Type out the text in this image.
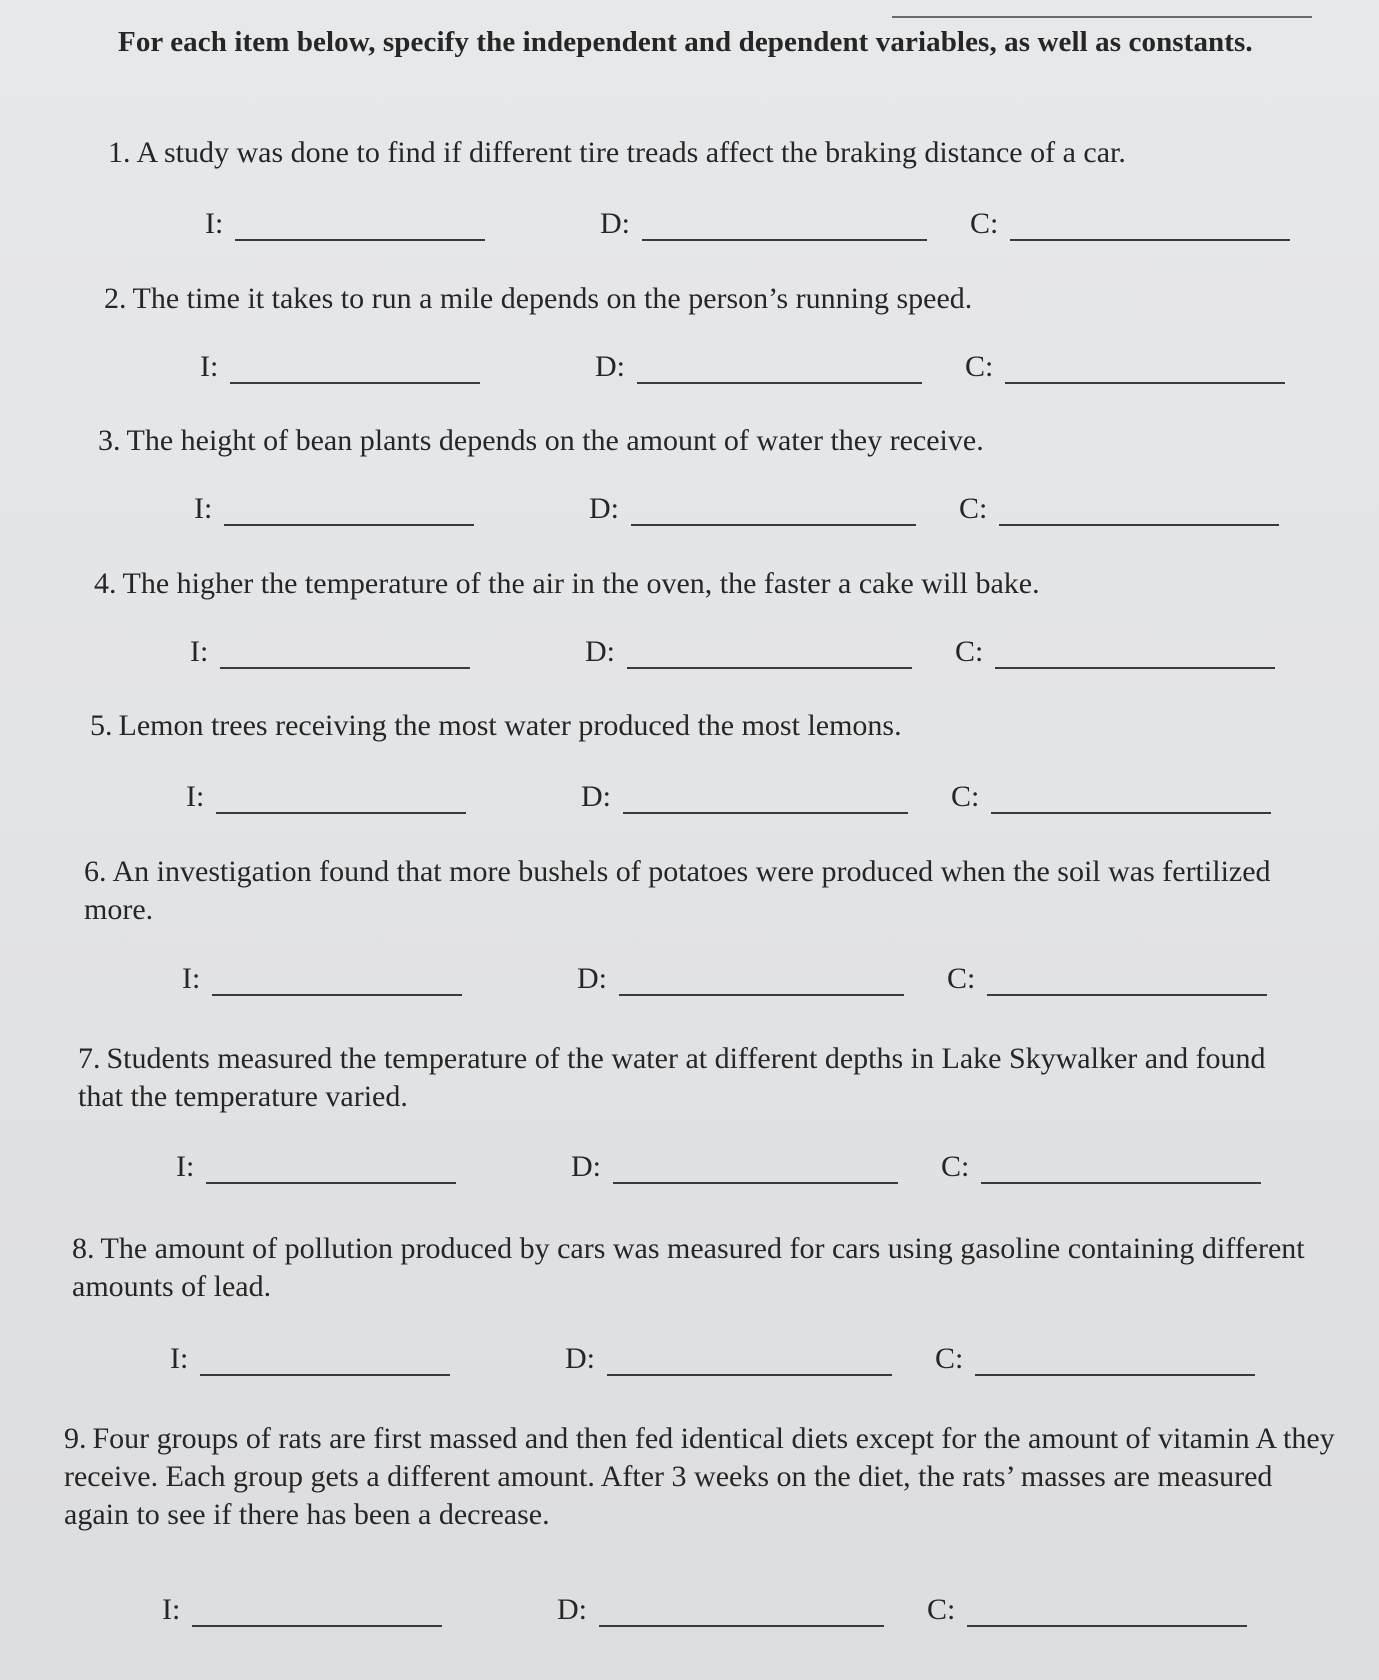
For each item below, specify the independent and dependent variables, as well as constants.
1. A study was done to find if different tire treads affect the braking distance of a car.
I:	D:	C:
2. The time it takes to run a mile depends on the person’s running speed.
I:	D:	C:
3. The height of bean plants depends on the amount of water they receive.
I:	D:	C:
4. The higher the temperature of the air in the oven, the faster a cake will bake.
I:	D:	C:
5. Lemon trees receiving the most water produced the most lemons.
I:	D:	C:
6. An investigation found that more bushels of potatoes were produced when the soil was fertilized more.
I:	D:	C:
7. Students measured the temperature of the water at different depths in Lake Skywalker and found that the temperature varied.
I:	D:	C:
8. The amount of pollution produced by cars was measured for cars using gasoline containing different amounts of lead.
I:	D:	C:
9. Four groups of rats are first massed and then fed identical diets except for the amount of vitamin A they receive. Each group gets a different amount. After 3 weeks on the diet, the rats’ masses are measured again to see if there has been a decrease.
I:	D:	C:
